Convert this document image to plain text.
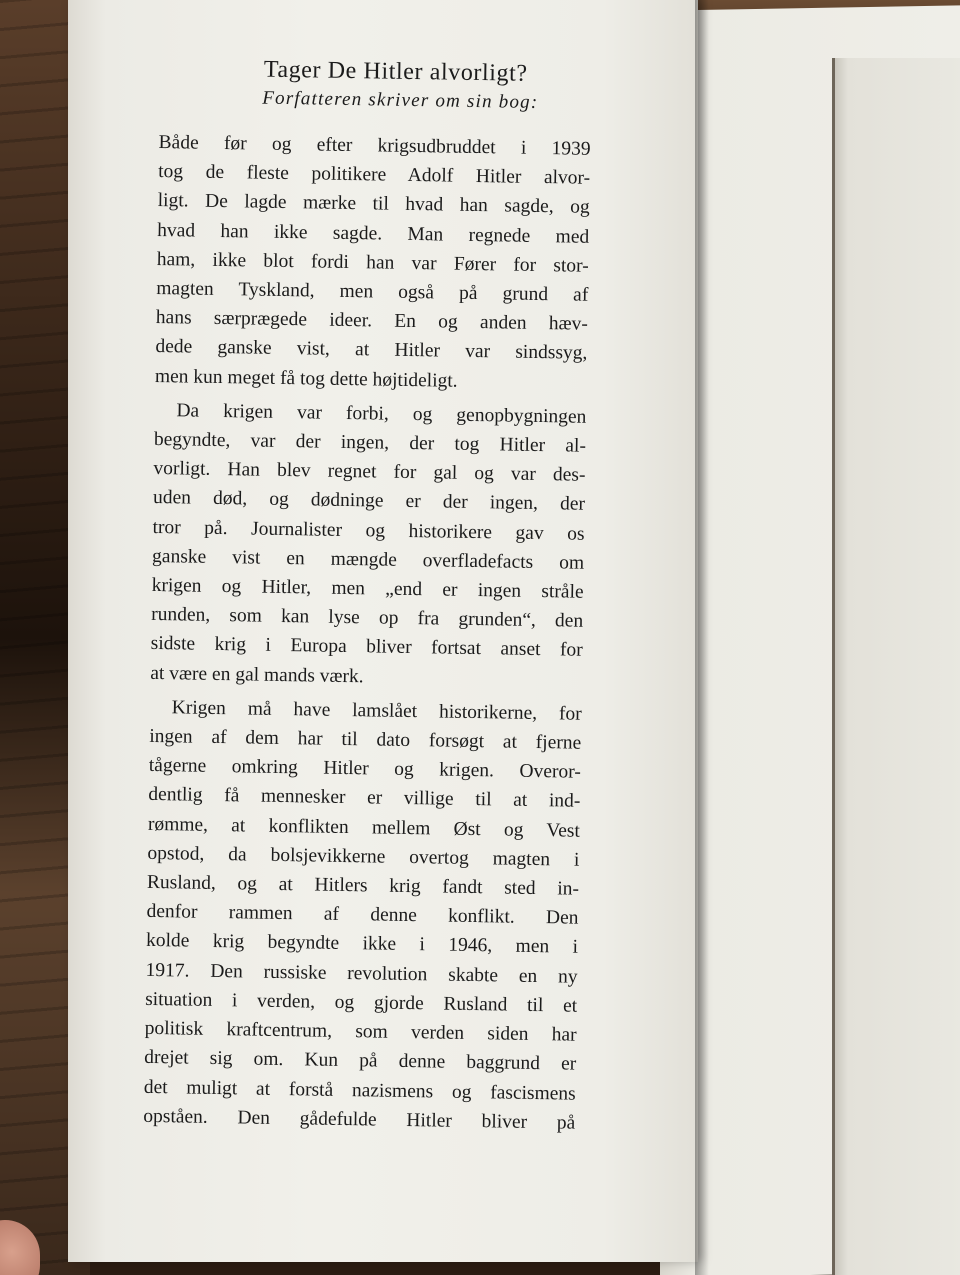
Tager De Hitler alvorligt?
Forfatteren skriver om sin bog:
Både før og efter krigsudbruddet i 1939
tog de fleste politikere Adolf Hitler alvor-
ligt. De lagde mærke til hvad han sagde, og
hvad han ikke sagde. Man regnede med
ham, ikke blot fordi han var Fører for stor-
magten Tyskland, men også på grund af
hans særprægede ideer. En og anden hæv-
dede ganske vist, at Hitler var sindssyg,
men kun meget få tog dette højtideligt.
Da krigen var forbi, og genopbygningen
begyndte, var der ingen, der tog Hitler al-
vorligt. Han blev regnet for gal og var des-
uden død, og dødninge er der ingen, der
tror på. Journalister og historikere gav os
ganske vist en mængde overfladefacts om
krigen og Hitler, men „end er ingen stråle
runden, som kan lyse op fra grunden“, den
sidste krig i Europa bliver fortsat anset for
at være en gal mands værk.
Krigen må have lamslået historikerne, for
ingen af dem har til dato forsøgt at fjerne
tågerne omkring Hitler og krigen. Overor-
dentlig få mennesker er villige til at ind-
rømme, at konflikten mellem Øst og Vest
opstod, da bolsjevikkerne overtog magten i
Rusland, og at Hitlers krig fandt sted in-
denfor rammen af denne konflikt. Den
kolde krig begyndte ikke i 1946, men i
1917. Den russiske revolution skabte en ny
situation i verden, og gjorde Rusland til et
politisk kraftcentrum, som verden siden har
drejet sig om. Kun på denne baggrund er
det muligt at forstå nazismens og fascismens
opståen. Den gådefulde Hitler bliver på
